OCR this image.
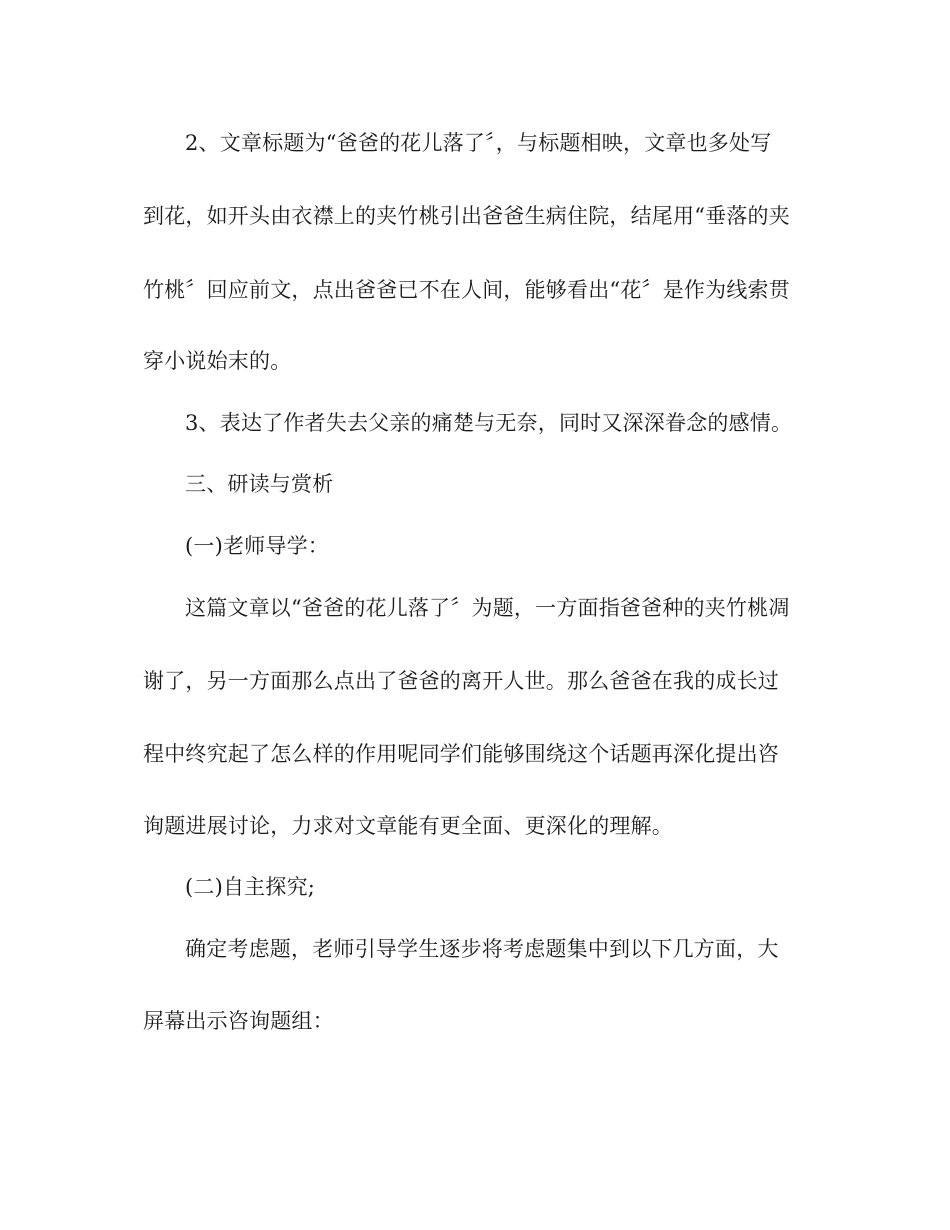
2、文章标题为“爸爸的花儿落了〞，与标题相映，文章也多处写
到花，如开头由衣襟上的夹竹桃引出爸爸生病住院，结尾用“垂落的夹
竹桃〞回应前文，点出爸爸已不在人间，能够看出“花〞是作为线索贯
穿小说始末的。
3、表达了作者失去父亲的痛楚与无奈，同时又深深眷念的感情。
三、研读与赏析
(一)老师导学：
这篇文章以“爸爸的花儿落了〞为题，一方面指爸爸种的夹竹桃凋
谢了，另一方面那么点出了爸爸的离开人世。那么爸爸在我的成长过
程中终究起了怎么样的作用呢同学们能够围绕这个话题再深化提出咨
询题进展讨论，力求对文章能有更全面、更深化的理解。
(二)自主探究;
确定考虑题，老师引导学生逐步将考虑题集中到以下几方面，大
屏幕出示咨询题组：
